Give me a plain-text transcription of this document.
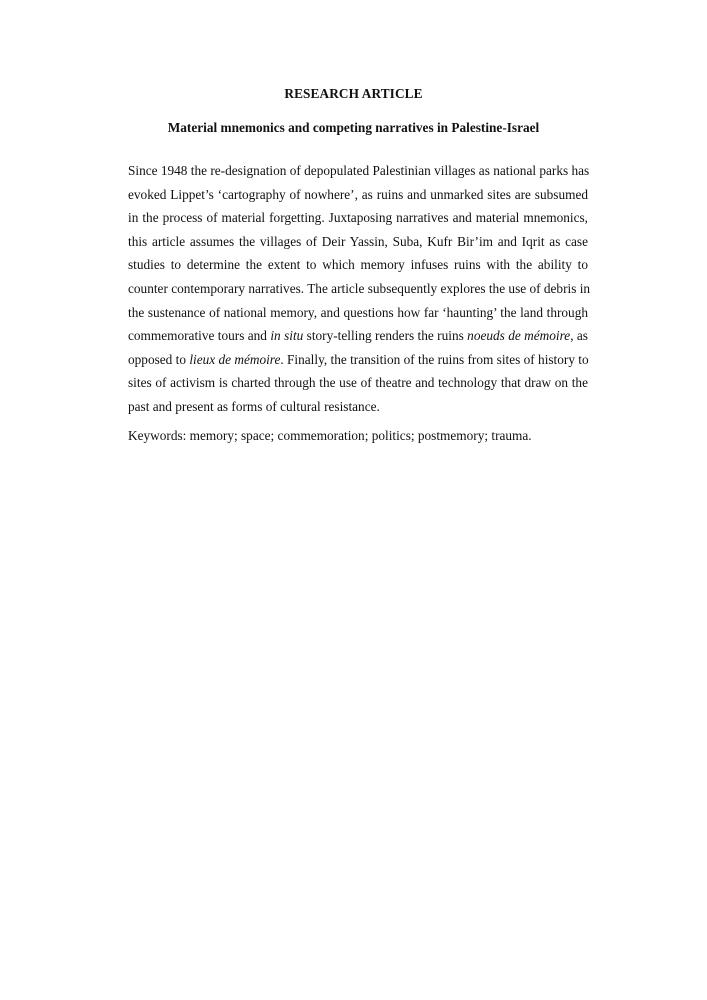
RESEARCH ARTICLE
Material mnemonics and competing narratives in Palestine-Israel
Since 1948 the re-designation of depopulated Palestinian villages as national parks has
evoked Lippet’s ‘cartography of nowhere’, as ruins and unmarked sites are subsumed
in the process of material forgetting. Juxtaposing narratives and material mnemonics,
this article assumes the villages of Deir Yassin, Suba, Kufr Bir’im and Iqrit as case
studies to determine the extent to which memory infuses ruins with the ability to
counter contemporary narratives. The article subsequently explores the use of debris in
the sustenance of national memory, and questions how far ‘haunting’ the land through
commemorative tours and in situ story-telling renders the ruins noeuds de mémoire, as
opposed to lieux de mémoire. Finally, the transition of the ruins from sites of history to
sites of activism is charted through the use of theatre and technology that draw on the
past and present as forms of cultural resistance.
Keywords: memory; space; commemoration; politics; postmemory; trauma.
